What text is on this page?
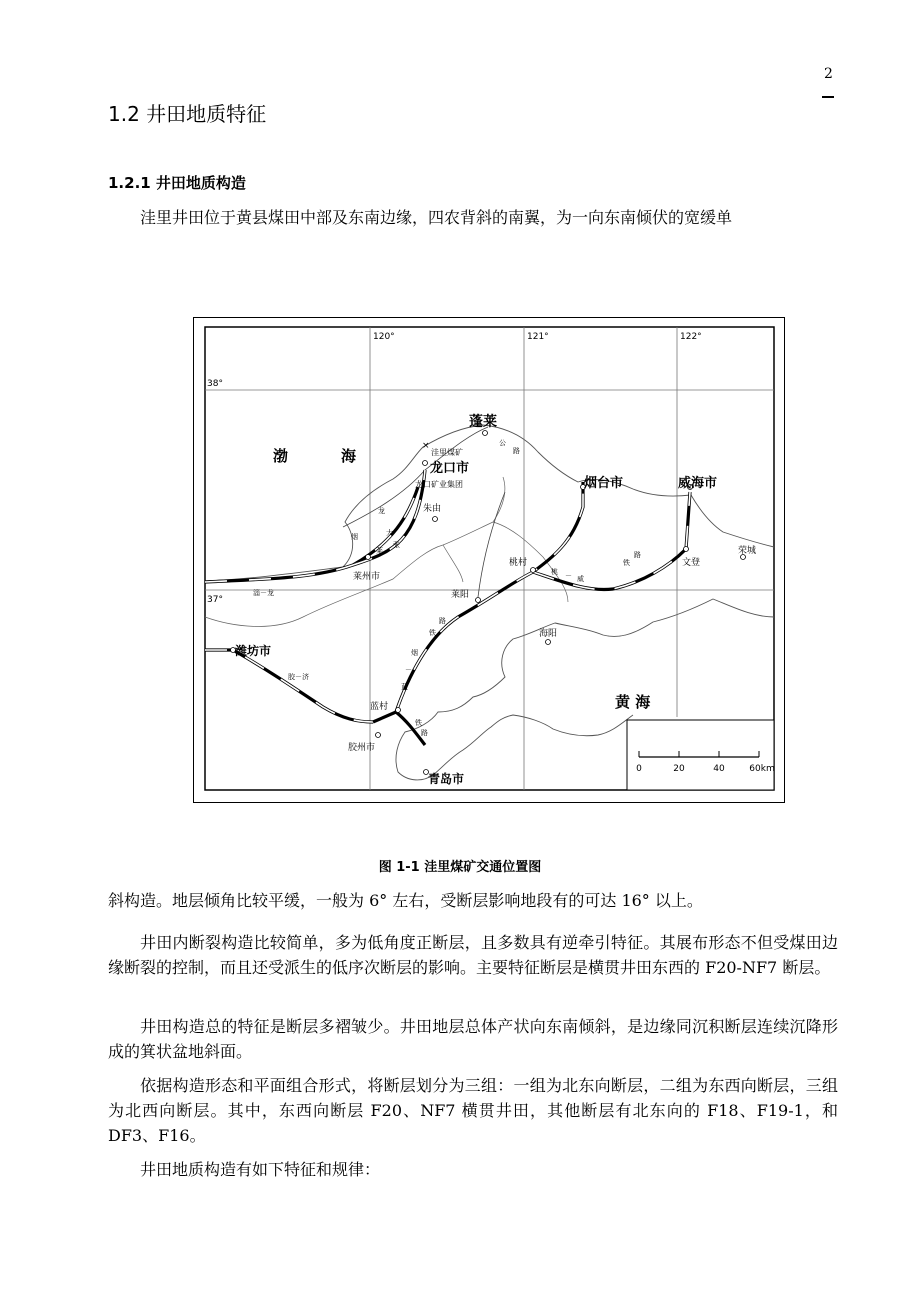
2
1.2 井田地质特征
1.2.1 井田地质构造

洼里井田位于黄县煤田中部及东南边缘，四农背斜的南翼，为一向东南倾伏的宽缓单

0	20	40	60km
120°	121°	122°
38°
37°
渤	海
黄 海
×
蓬莱
洼里煤矿
龙口市
龙口矿业集团
朱由
莱州市
烟台市	威海市
荣城
文登
桃村
莱阳
海阳
潍坊市
蓝村
胶州市
青岛市
公
路
龙
烟	大
莱
张
淄－龙
桃 － 威
铁
路
蓝
－
烟
铁
路
胶－济
铁
路
图 1-1 洼里煤矿交通位置图

斜构造。地层倾角比较平缓，一般为 6° 左右，受断层影响地段有的可达 16° 以上。

井田内断裂构造比较简单，多为低角度正断层，且多数具有逆牵引特征。其展布形态不但受煤田边缘断裂的控制，而且还受派生的低序次断层的影响。主要特征断层是横贯井田东西的 F20-NF7 断层。

井田构造总的特征是断层多褶皱少。井田地层总体产状向东南倾斜，是边缘同沉积断层连续沉降形成的箕状盆地斜面。

依据构造形态和平面组合形式，将断层划分为三组：一组为北东向断层，二组为东西向断层，三组为北西向断层。其中，东西向断层 F20、NF7 横贯井田，其他断层有北东向的 F18、F19-1，和 DF3、F16。

井田地质构造有如下特征和规律：
